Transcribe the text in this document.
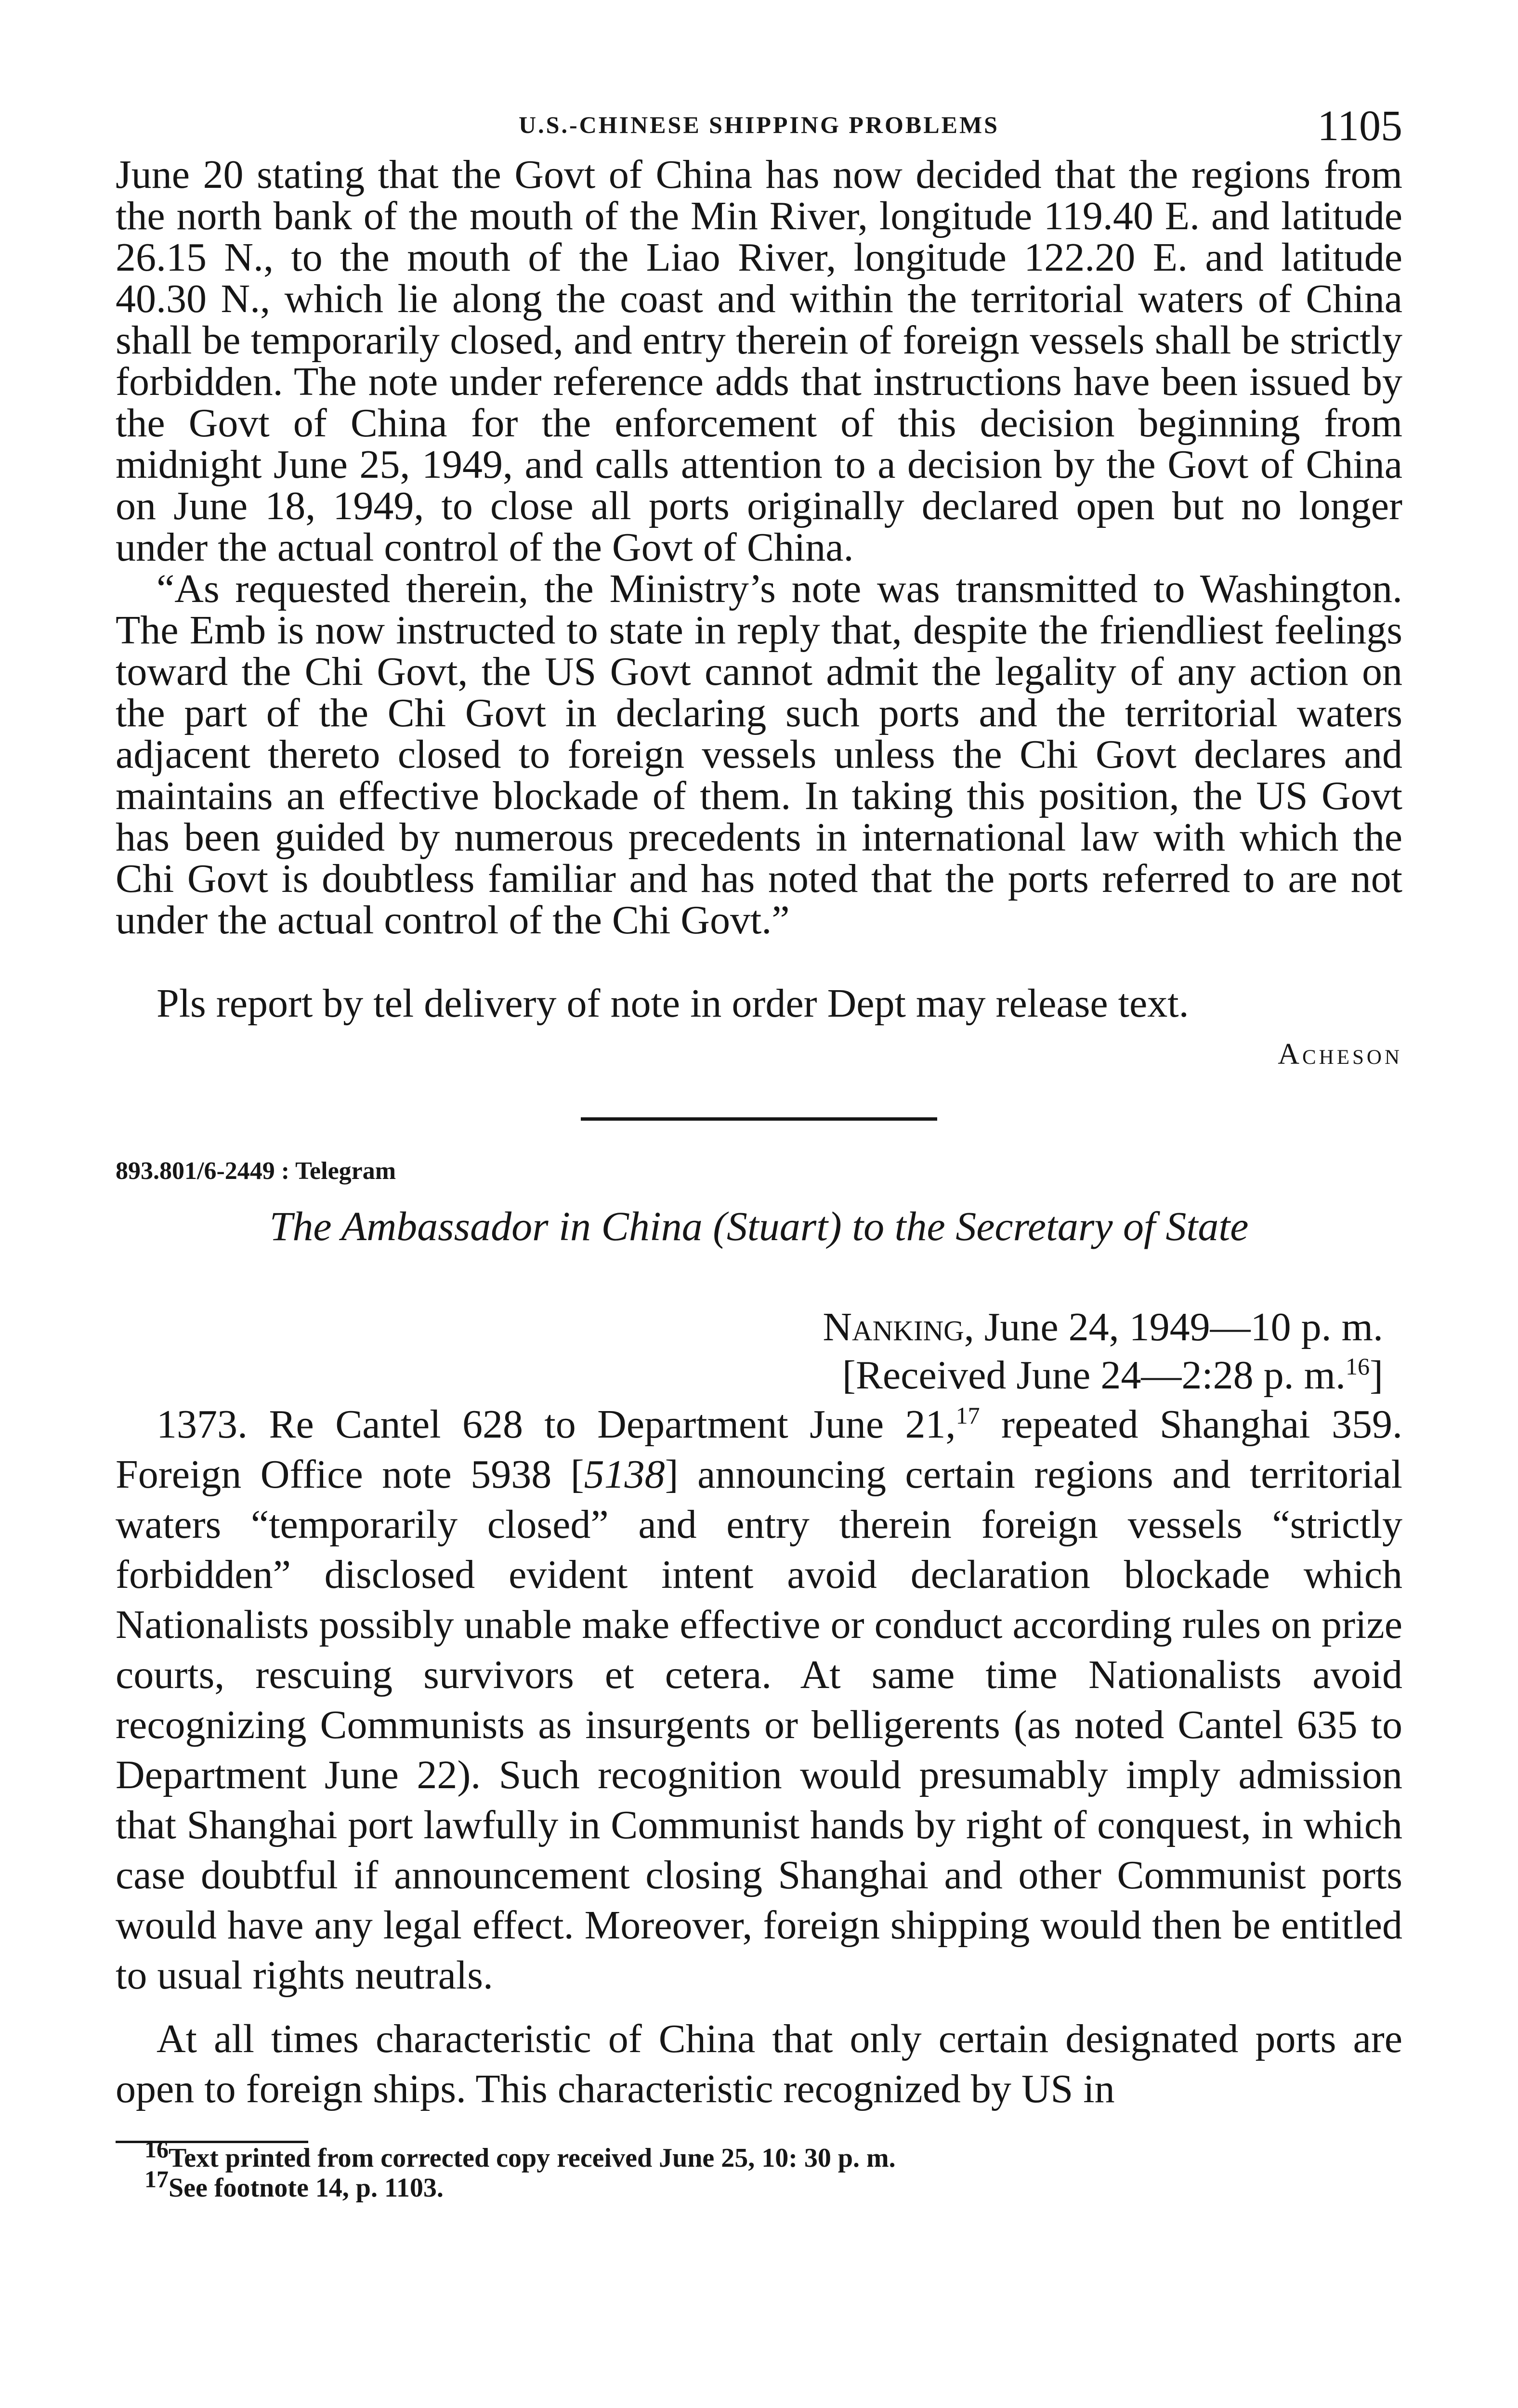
U.S.-CHINESE SHIPPING PROBLEMS	1105

June 20 stating that the Govt of China has now decided that the regions from the north bank of the mouth of the Min River, longitude 119.40 E. and latitude 26.15 N., to the mouth of the Liao River, longitude 122.20 E. and latitude 40.30 N., which lie along the coast and within the territorial waters of China shall be temporarily closed, and entry therein of foreign vessels shall be strictly forbidden. The note under reference adds that instructions have been issued by the Govt of China for the enforcement of this decision beginning from midnight June 25, 1949, and calls attention to a decision by the Govt of China on June 18, 1949, to close all ports originally declared open but no longer under the actual control of the Govt of China.

“As requested therein, the Ministry’s note was transmitted to Washington. The Emb is now instructed to state in reply that, despite the friendliest feelings toward the Chi Govt, the US Govt cannot admit the legality of any action on the part of the Chi Govt in declaring such ports and the territorial waters adjacent thereto closed to foreign vessels unless the Chi Govt declares and maintains an effective blockade of them. In taking this position, the US Govt has been guided by numerous precedents in international law with which the Chi Govt is doubtless familiar and has noted that the ports referred to are not under the actual control of the Chi Govt.”

Pls report by tel delivery of note in order Dept may release text.

Acheson
893.801/6-2449 : Telegram
The Ambassador in China (Stuart) to the Secretary of State
Nanking, June 24, 1949—10 p. m.
[Received June 24—2:28 p. m.$^{16}$]

1373. Re Cantel 628 to Department June 21,17 repeated Shanghai 359. Foreign Office note 5938 [5138] announcing certain regions and territorial waters “temporarily closed” and entry therein foreign vessels “strictly forbidden” disclosed evident intent avoid declaration blockade which Nationalists possibly unable make effective or conduct according rules on prize courts, rescuing survivors et cetera. At same time Nationalists avoid recognizing Communists as insurgents or belligerents (as noted Cantel 635 to Department June 22). Such recognition would presumably imply admission that Shanghai port lawfully in Communist hands by right of conquest, in which case doubtful if announcement closing Shanghai and other Communist ports would have any legal effect. Moreover, foreign shipping would then be entitled to usual rights neutrals.

At all times characteristic of China that only certain designated ports are open to foreign ships. This characteristic recognized by US in

$^{16}$Text printed from corrected copy received June 25, 10: 30 p. m.
$^{17}$See footnote 14, p. 1103.
